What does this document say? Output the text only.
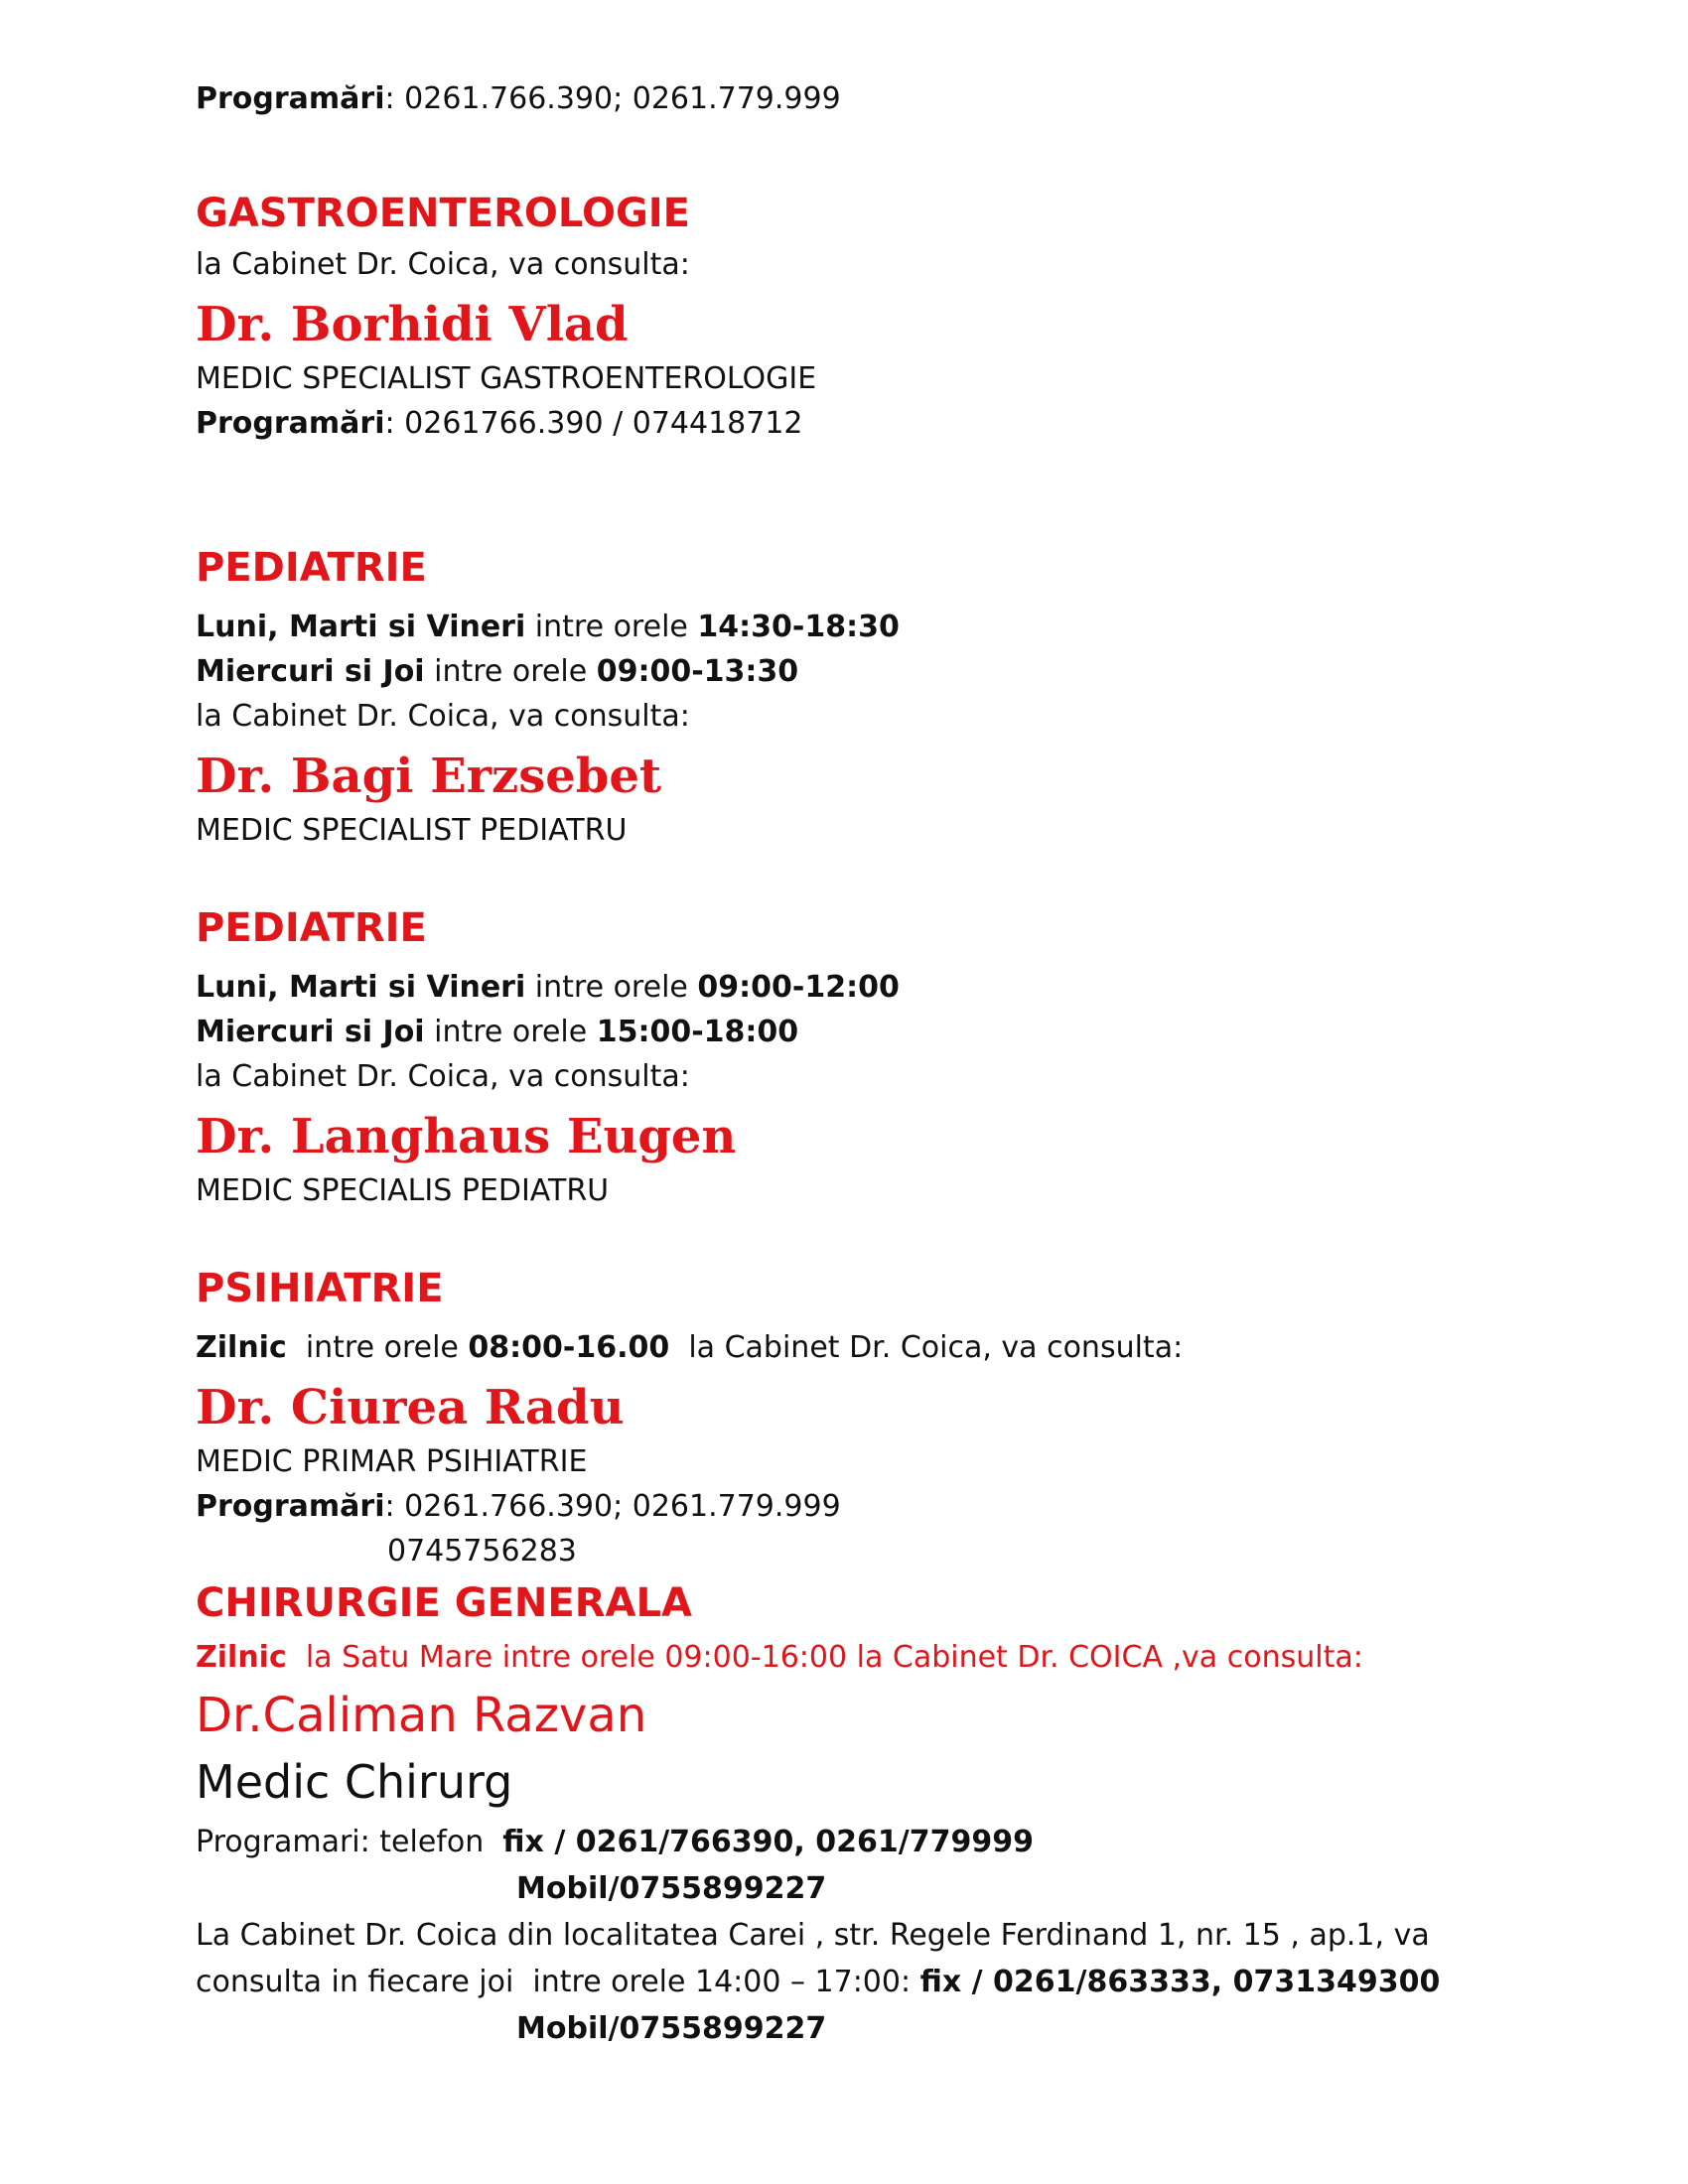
Programări: 0261.766.390; 0261.779.999
GASTROENTEROLOGIE
la Cabinet Dr. Coica, va consulta:
Dr. Borhidi Vlad
MEDIC SPECIALIST GASTROENTEROLOGIE
Programări: 0261766.390 / 074418712
PEDIATRIE
Luni, Marti si Vineri intre orele 14:30-18:30
Miercuri si Joi intre orele 09:00-13:30
la Cabinet Dr. Coica, va consulta:
Dr. Bagi Erzsebet
MEDIC SPECIALIST PEDIATRU
PEDIATRIE
Luni, Marti si Vineri intre orele 09:00-12:00
Miercuri si Joi intre orele 15:00-18:00
la Cabinet Dr. Coica, va consulta:
Dr. Langhaus Eugen
MEDIC SPECIALIS PEDIATRU
PSIHIATRIE
Zilnic  intre orele 08:00-16.00  la Cabinet Dr. Coica, va consulta:
Dr. Ciurea Radu
MEDIC PRIMAR PSIHIATRIE
Programări: 0261.766.390; 0261.779.999
0745756283
CHIRURGIE GENERALA
Zilnic  la Satu Mare intre orele 09:00-16:00 la Cabinet Dr. COICA ,va consulta:
Dr.Caliman Razvan
Medic Chirurg
Programari: telefon  fix / 0261/766390, 0261/779999
Mobil/0755899227
La Cabinet Dr. Coica din localitatea Carei , str. Regele Ferdinand 1, nr. 15 , ap.1, va
consulta in fiecare joi  intre orele 14:00 – 17:00: fix / 0261/863333, 0731349300
Mobil/0755899227
